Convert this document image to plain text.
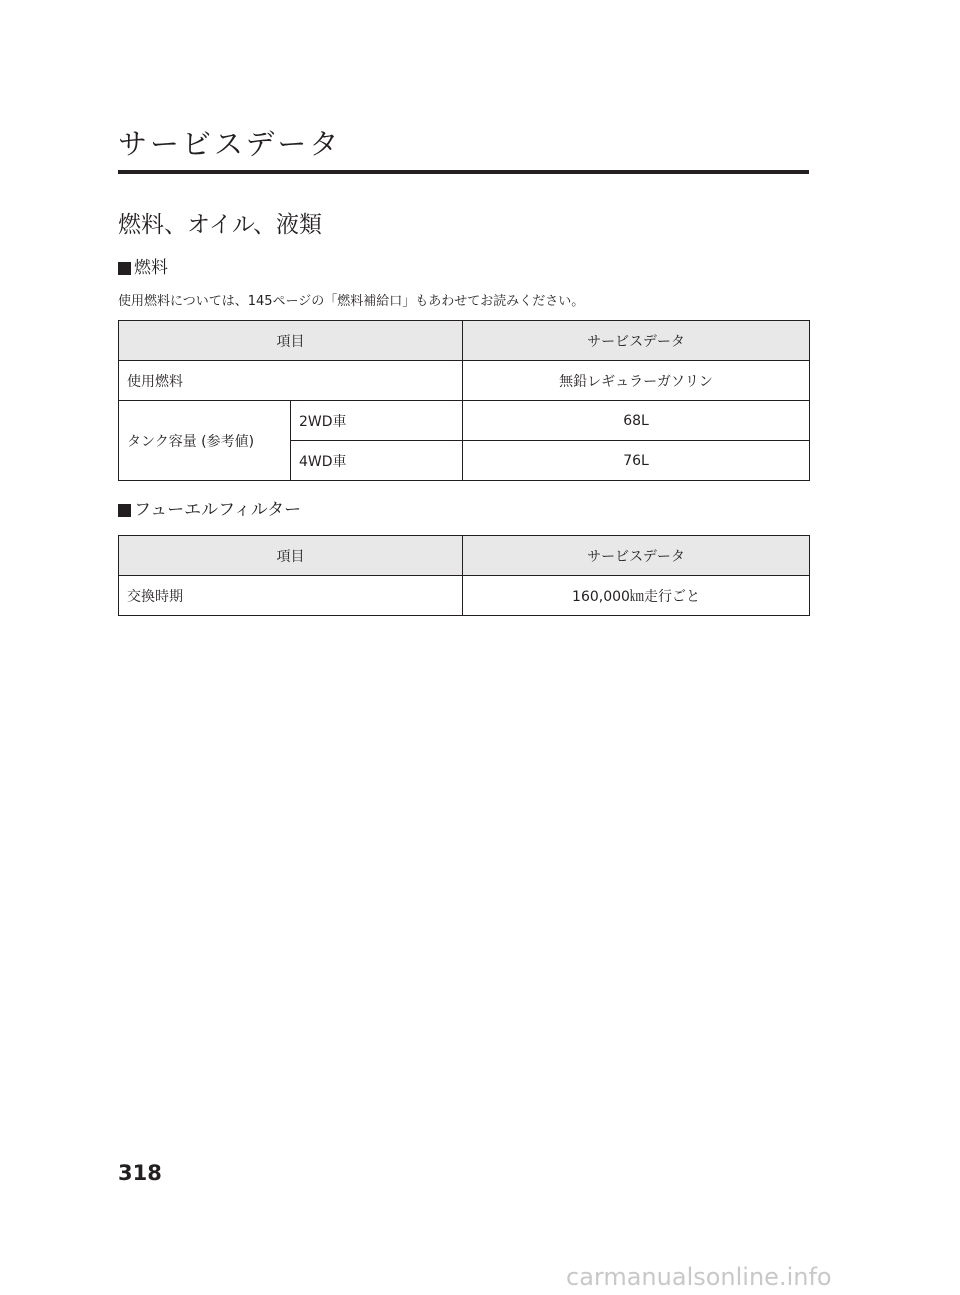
サービスデータ
燃料、オイル、液類
燃料
使用燃料については、145ページの「燃料補給口」もあわせてお読みください。
項目		サービスデータ
使用燃料		無鉛レギュラーガソリン
タンク容量 (参考値)	2WD車	68L
	4WD車	76L
フューエルフィルター
項目	サービスデータ
交換時期	160,000㎞走行ごと
318
carmanualsonline.info
